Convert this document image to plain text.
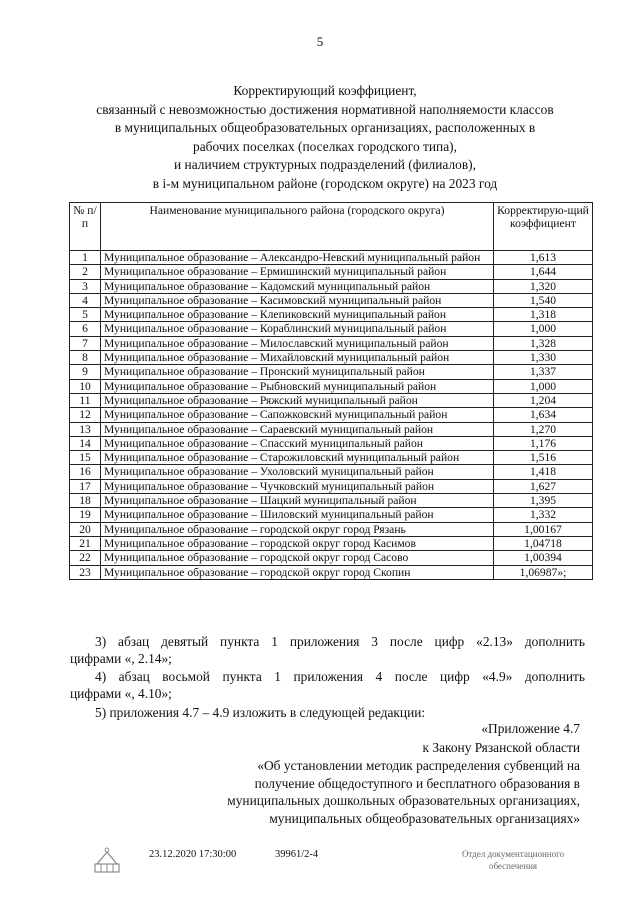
5
Корректирующий коэффициент,
связанный с невозможностью достижения нормативной наполняемости классов
в муниципальных общеобразовательных организациях, расположенных в
рабочих поселках (поселках городского типа),
и наличием структурных подразделений (филиалов),
в i-м муниципальном районе (городском округе) на 2023 год
№ п/п	Наименование муниципального района (городского округа)	Корректирую-щий коэффициент
1	Муниципальное образование – Александро-Невский муниципальный район	1,613
2	Муниципальное образование – Ермишинский муниципальный район	1,644
3	Муниципальное образование – Кадомский муниципальный район	1,320
4	Муниципальное образование – Касимовский муниципальный район	1,540
5	Муниципальное образование – Клепиковский муниципальный район	1,318
6	Муниципальное образование – Кораблинский муниципальный район	1,000
7	Муниципальное образование – Милославский муниципальный район	1,328
8	Муниципальное образование – Михайловский муниципальный район	1,330
9	Муниципальное образование – Пронский муниципальный район	1,337
10	Муниципальное образование – Рыбновский муниципальный район	1,000
11	Муниципальное образование – Ряжский муниципальный район	1,204
12	Муниципальное образование – Сапожковский муниципальный район	1,634
13	Муниципальное образование – Сараевский муниципальный район	1,270
14	Муниципальное образование – Спасский муниципальный район	1,176
15	Муниципальное образование – Старожиловский муниципальный район	1,516
16	Муниципальное образование – Ухоловский муниципальный район	1,418
17	Муниципальное образование – Чучковский муниципальный район	1,627
18	Муниципальное образование – Шацкий муниципальный район	1,395
19	Муниципальное образование – Шиловский муниципальный район	1,332
20	Муниципальное образование – городской округ город Рязань	1,00167
21	Муниципальное образование – городской округ город Касимов	1,04718
22	Муниципальное образование – городской округ город Сасово	1,00394
23	Муниципальное образование – городской округ город Скопин	1,06987»;
3) абзац девятый пункта 1 приложения 3 после цифр «2.13» дополнить
цифрами «, 2.14»;
4) абзац восьмой пункта 1 приложения 4 после цифр «4.9» дополнить
цифрами «, 4.10»;
5) приложения 4.7 – 4.9 изложить в следующей редакции:
«Приложение 4.7
к Закону Рязанской области
«Об установлении методик распределения субвенций на
получение общедоступного и бесплатного образования в
муниципальных дошкольных образовательных организациях,
муниципальных общеобразовательных организациях»
23.12.2020 17:30:00	39961/2-4	Отдел документационного
обеспечения
